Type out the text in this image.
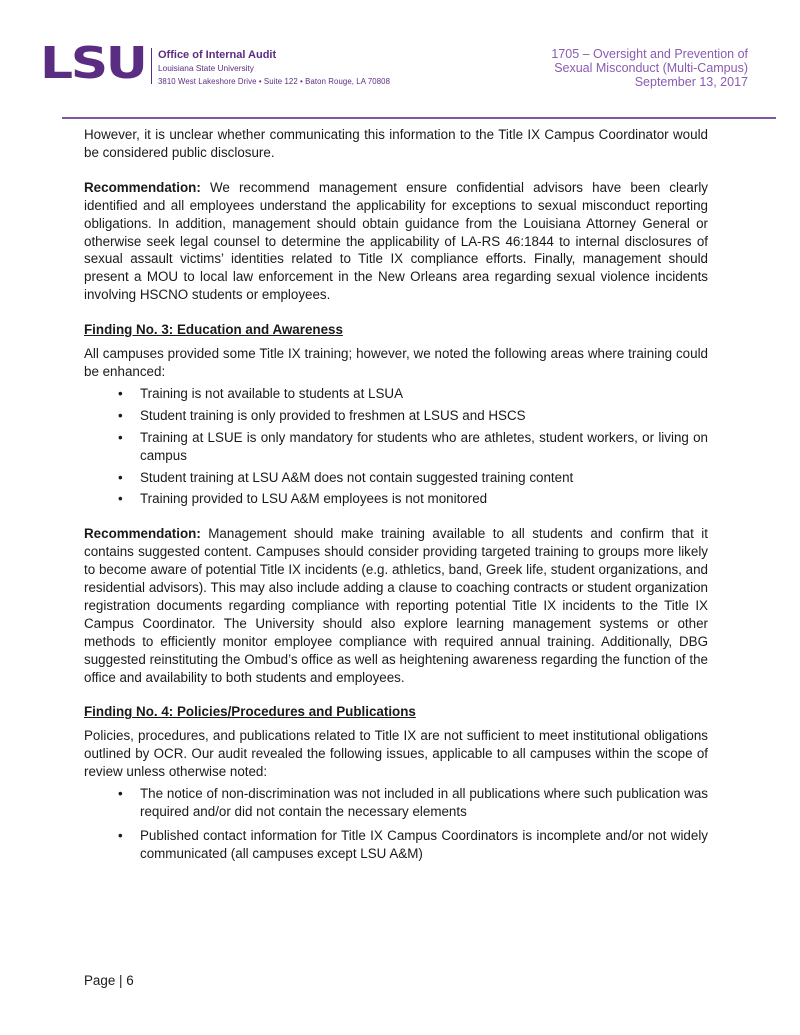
LSU Office of Internal Audit
Louisiana State University
3810 West Lakeshore Drive • Suite 122 • Baton Rouge, LA 70808
1705 – Oversight and Prevention of
Sexual Misconduct (Multi-Campus)
September 13, 2017

However, it is unclear whether communicating this information to the Title IX Campus Coordinator would be considered public disclosure.

Recommendation: We recommend management ensure confidential advisors have been clearly identified and all employees understand the applicability for exceptions to sexual misconduct reporting obligations. In addition, management should obtain guidance from the Louisiana Attorney General or otherwise seek legal counsel to determine the applicability of LA-RS 46:1844 to internal disclosures of sexual assault victims’ identities related to Title IX compliance efforts. Finally, management should present a MOU to local law enforcement in the New Orleans area regarding sexual violence incidents involving HSCNO students or employees.

Finding No. 3: Education and Awareness

All campuses provided some Title IX training; however, we noted the following areas where training could be enhanced:

• Training is not available to students at LSUA
• Student training is only provided to freshmen at LSUS and HSCS
• Training at LSUE is only mandatory for students who are athletes, student workers, or living on campus
• Student training at LSU A&M does not contain suggested training content
• Training provided to LSU A&M employees is not monitored

Recommendation: Management should make training available to all students and confirm that it contains suggested content. Campuses should consider providing targeted training to groups more likely to become aware of potential Title IX incidents (e.g. athletics, band, Greek life, student organizations, and residential advisors). This may also include adding a clause to coaching contracts or student organization registration documents regarding compliance with reporting potential Title IX incidents to the Title IX Campus Coordinator. The University should also explore learning management systems or other methods to efficiently monitor employee compliance with required annual training. Additionally, DBG suggested reinstituting the Ombud’s office as well as heightening awareness regarding the function of the office and availability to both students and employees.

Finding No. 4: Policies/Procedures and Publications

Policies, procedures, and publications related to Title IX are not sufficient to meet institutional obligations outlined by OCR. Our audit revealed the following issues, applicable to all campuses within the scope of review unless otherwise noted:

• The notice of non-discrimination was not included in all publications where such publication was required and/or did not contain the necessary elements
• Published contact information for Title IX Campus Coordinators is incomplete and/or not widely communicated (all campuses except LSU A&M)
Page | 6
